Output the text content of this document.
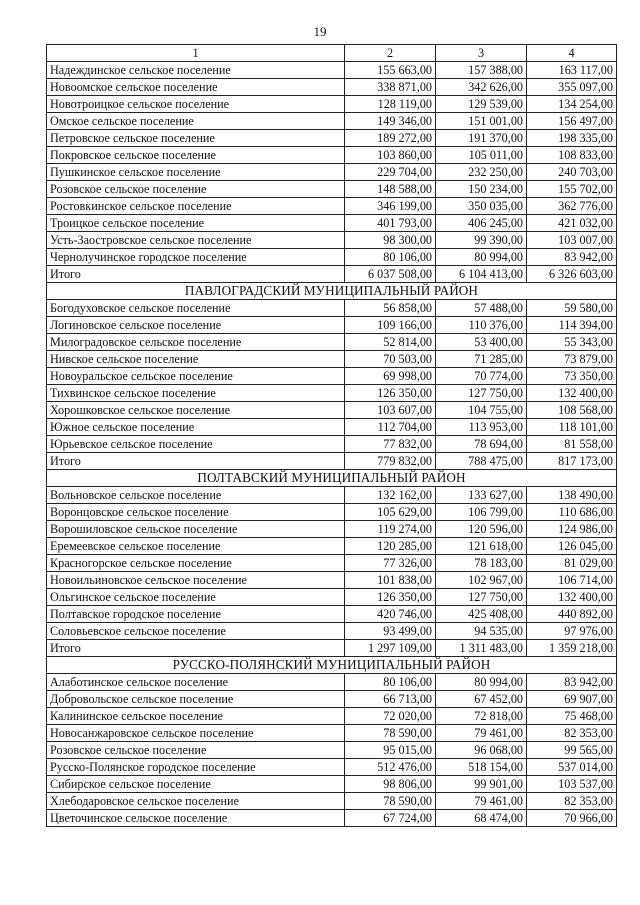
19
1	2	3	4
Надеждинское сельское поселение	155 663,00	157 388,00	163 117,00
Новоомское сельское поселение	338 871,00	342 626,00	355 097,00
Новотроицкое сельское поселение	128 119,00	129 539,00	134 254,00
Омское сельское поселение	149 346,00	151 001,00	156 497,00
Петровское сельское поселение	189 272,00	191 370,00	198 335,00
Покровское сельское поселение	103 860,00	105 011,00	108 833,00
Пушкинское сельское поселение	229 704,00	232 250,00	240 703,00
Розовское сельское поселение	148 588,00	150 234,00	155 702,00
Ростовкинское сельское поселение	346 199,00	350 035,00	362 776,00
Троицкое сельское поселение	401 793,00	406 245,00	421 032,00
Усть-Заостровское сельское поселение	98 300,00	99 390,00	103 007,00
Чернолучинское городское поселение	80 106,00	80 994,00	83 942,00
Итого	6 037 508,00	6 104 413,00	6 326 603,00
ПАВЛОГРАДСКИЙ МУНИЦИПАЛЬНЫЙ РАЙОН			
Богодуховское сельское поселение	56 858,00	57 488,00	59 580,00
Логиновское сельское поселение	109 166,00	110 376,00	114 394,00
Милоградовское сельское поселение	52 814,00	53 400,00	55 343,00
Нивское сельское поселение	70 503,00	71 285,00	73 879,00
Новоуральское сельское поселение	69 998,00	70 774,00	73 350,00
Тихвинское сельское поселение	126 350,00	127 750,00	132 400,00
Хорошковское сельское поселение	103 607,00	104 755,00	108 568,00
Южное сельское поселение	112 704,00	113 953,00	118 101,00
Юрьевское сельское поселение	77 832,00	78 694,00	81 558,00
Итого	779 832,00	788 475,00	817 173,00
ПОЛТАВСКИЙ МУНИЦИПАЛЬНЫЙ РАЙОН			
Вольновское сельское поселение	132 162,00	133 627,00	138 490,00
Воронцовское сельское поселение	105 629,00	106 799,00	110 686,00
Ворошиловское сельское поселение	119 274,00	120 596,00	124 986,00
Еремеевское сельское поселение	120 285,00	121 618,00	126 045,00
Красногорское сельское поселение	77 326,00	78 183,00	81 029,00
Новоильиновское сельское поселение	101 838,00	102 967,00	106 714,00
Ольгинское сельское поселение	126 350,00	127 750,00	132 400,00
Полтавское городское поселение	420 746,00	425 408,00	440 892,00
Соловьевское сельское поселение	93 499,00	94 535,00	97 976,00
Итого	1 297 109,00	1 311 483,00	1 359 218,00
РУССКО-ПОЛЯНСКИЙ МУНИЦИПАЛЬНЫЙ РАЙОН			
Алаботинское сельское поселение	80 106,00	80 994,00	83 942,00
Добровольское сельское поселение	66 713,00	67 452,00	69 907,00
Калининское сельское поселение	72 020,00	72 818,00	75 468,00
Новосанжаровское сельское поселение	78 590,00	79 461,00	82 353,00
Розовское сельское поселение	95 015,00	96 068,00	99 565,00
Русско-Полянское городское поселение	512 476,00	518 154,00	537 014,00
Сибирское сельское поселение	98 806,00	99 901,00	103 537,00
Хлебодаровское сельское поселение	78 590,00	79 461,00	82 353,00
Цветочинское сельское поселение	67 724,00	68 474,00	70 966,00
